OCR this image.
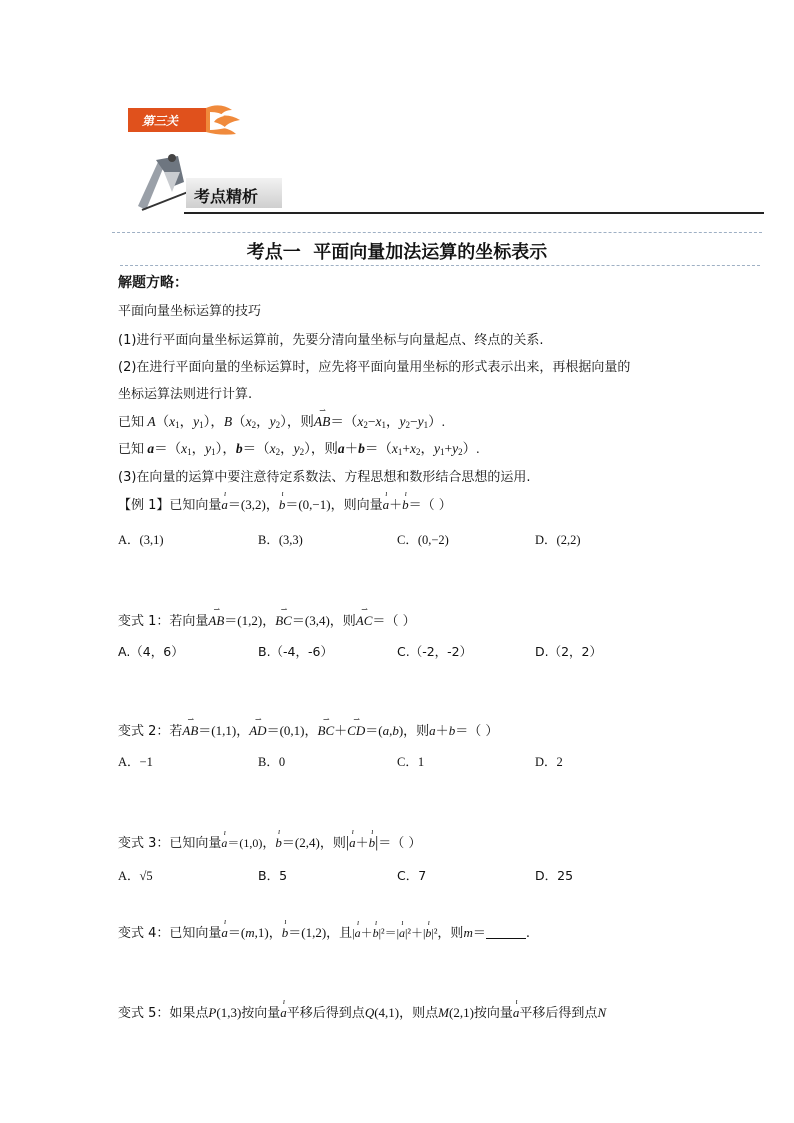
第三关
考点精析
考点一  平面向量加法运算的坐标表示
解题方略：
平面向量坐标运算的技巧
(1)进行平面向量坐标运算前，先要分清向量坐标与向量起点、终点的关系.
(2)在进行平面向量的坐标运算时，应先将平面向量用坐标的形式表示出来，再根据向量的
坐标运算法则进行计算.
已知 $A(x_1$，$y_1$），$B(x_2$，$y_2$），则AB
⇀
$=(x_2-x_1$，$y_2-y_1$）.
已知 $a=(x_1$，$y_1$），$b=(x_2$，$y_2$），则$a+b=(x_1+x_2$，$y_1+y_2$）.
(3)在向量的运算中要注意待定系数法、方程思想和数形结合思想的运用.
【例 1】已知向量a
ı
＝(3,2)，b
ı
＝(0,−1)，则向量a
ı
＋b
ı
＝（ ）
A．(3,1)	B．(3,3)	C．(0,−2)	D．(2,2)
变式 1：若向量AB
⇀
＝(1,2)，BC
⇀
＝(3,4)，则AC
⇀
＝（ ）
A.（4，6）	B.（-4，-6）	C.（-2，-2）	D.（2，2）
变式 2：若AB
⇀
＝(1,1)，AD
⇀
＝(0,1)，BC
⇀
＋CD
⇀
＝(a,b)，则a＋b＝（ ）
A．−1	B．0	C．1	D．2
变式 3：已知向量a
ı
＝(1,0)，b
ı
＝(2,4)，则|a
ı
＋b
ı
|＝（ ）
A．√5	B．5	C．7	D．25
变式 4：已知向量a
ı
＝(m,1)，b
ı
＝(1,2)，且|a
ı
＋b
ı
|²＝|a
ı
|²＋|b
ı
|²，则m＝	.
变式 5：如果点P(1,3)按向量a
ı
平移后得到点Q(4,1)，则点M(2,1)按向量a
ı
平移后得到点N
